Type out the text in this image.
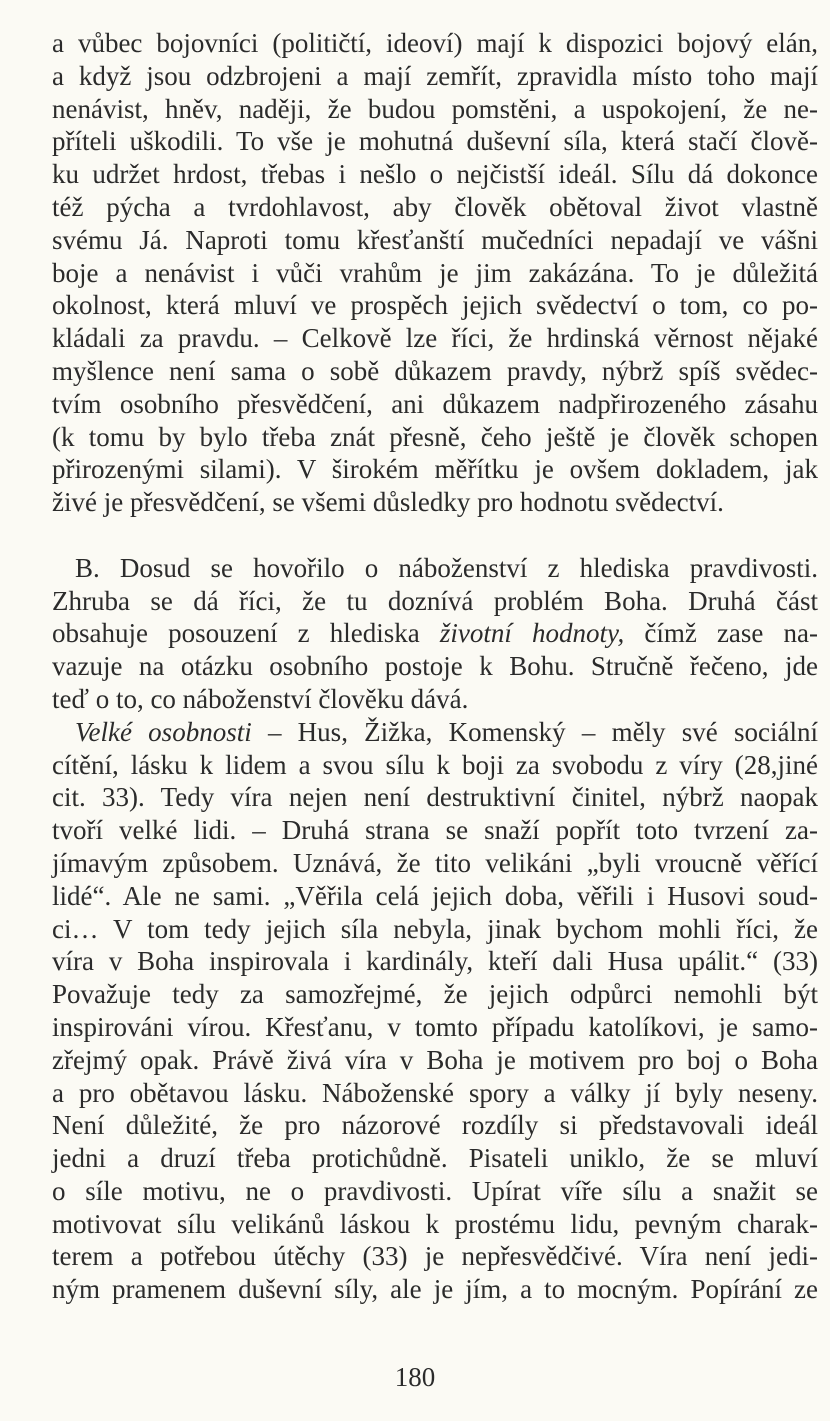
a vůbec bojovníci (političtí, ideoví) mají k dispozici bojový elán,
a když jsou odzbrojeni a mají zemřít, zpravidla místo toho mají
nenávist, hněv, naději, že budou pomstěni, a uspokojení, že ne-
příteli uškodili. To vše je mohutná duševní síla, která stačí člově-
ku udržet hrdost, třebas i nešlo o nejčistší ideál. Sílu dá dokonce
též pýcha a tvrdohlavost, aby člověk obětoval život vlastně
svému Já. Naproti tomu křesťanští mučedníci nepadají ve vášni
boje a nenávist i vůči vrahům je jim zakázána. To je důležitá
okolnost, která mluví ve prospěch jejich svědectví o tom, co po-
kládali za pravdu. – Celkově lze říci, že hrdinská věrnost nějaké
myšlence není sama o sobě důkazem pravdy, nýbrž spíš svědec-
tvím osobního přesvědčení, ani důkazem nadpřirozeného zásahu
(k tomu by bylo třeba znát přesně, čeho ještě je člověk schopen
přirozenými silami). V širokém měřítku je ovšem dokladem, jak
živé je přesvědčení, se všemi důsledky pro hodnotu svědectví.
B. Dosud se hovořilo o náboženství z hlediska pravdivosti.
Zhruba se dá říci, že tu doznívá problém Boha. Druhá část
obsahuje posouzení z hlediska životní hodnoty, čímž zase na-
vazuje na otázku osobního postoje k Bohu. Stručně řečeno, jde
teď o to, co náboženství člověku dává.
Velké osobnosti – Hus, Žižka, Komenský – měly své sociální
cítění, lásku k lidem a svou sílu k boji za svobodu z víry (28,jiné
cit. 33). Tedy víra nejen není destruktivní činitel, nýbrž naopak
tvoří velké lidi. – Druhá strana se snaží popřít toto tvrzení za-
jímavým způsobem. Uznává, že tito velikáni „byli vroucně věřící
lidé“. Ale ne sami. „Věřila celá jejich doba, věřili i Husovi soud-
ci… V tom tedy jejich síla nebyla, jinak bychom mohli říci, že
víra v Boha inspirovala i kardinály, kteří dali Husa upálit.“ (33)
Považuje tedy za samozřejmé, že jejich odpůrci nemohli být
inspirováni vírou. Křesťanu, v tomto případu katolíkovi, je samo-
zřejmý opak. Právě živá víra v Boha je motivem pro boj o Boha
a pro obětavou lásku. Náboženské spory a války jí byly neseny.
Není důležité, že pro názorové rozdíly si představovali ideál
jedni a druzí třeba protichůdně. Pisateli uniklo, že se mluví
o síle motivu, ne o pravdivosti. Upírat víře sílu a snažit se
motivovat sílu velikánů láskou k prostému lidu, pevným charak-
terem a potřebou útěchy (33) je nepřesvědčivé. Víra není jedi-
ným pramenem duševní síly, ale je jím, a to mocným. Popírání ze
180
